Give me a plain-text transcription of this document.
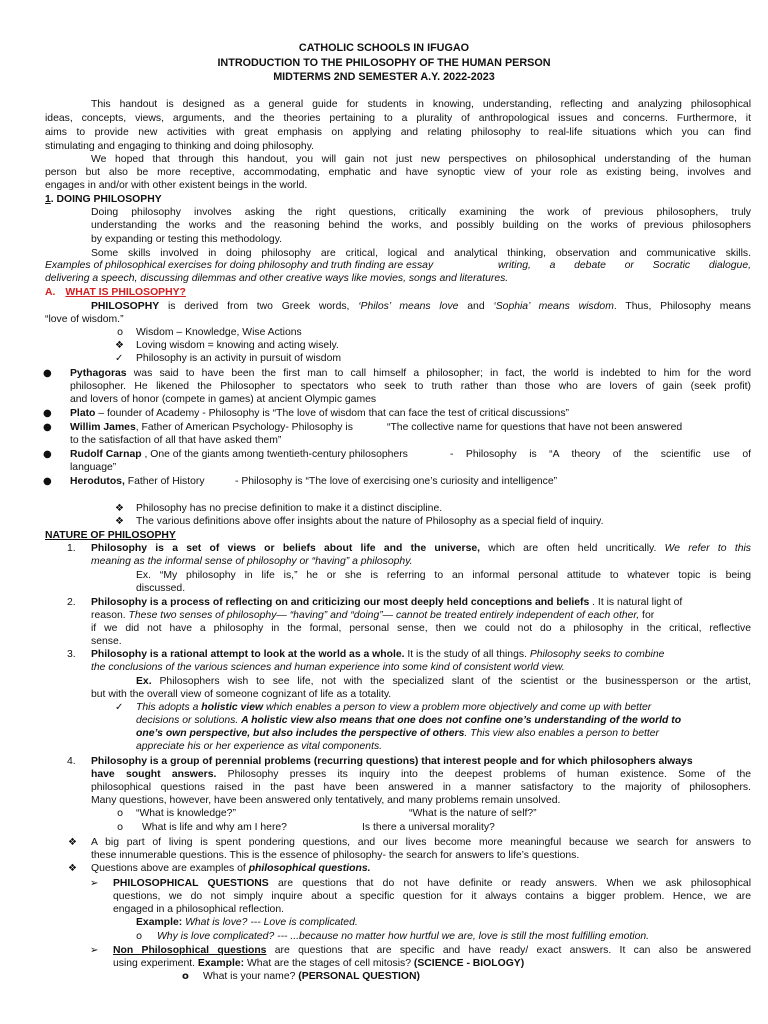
CATHOLIC SCHOOLS IN IFUGAO
INTRODUCTION TO THE PHILOSOPHY OF THE HUMAN PERSON
MIDTERMS 2ND SEMESTER A.Y. 2022-2023
This handout is designed as a general guide for students in knowing, understanding, reflecting and analyzing philosophical
ideas, concepts, views, arguments, and the theories pertaining to a plurality of anthropological issues and concerns. Furthermore, it
aims to provide new activities with great emphasis on applying and relating philosophy to real-life situations which you can find
stimulating and engaging to thinking and doing philosophy.
We hoped that through this handout, you will gain not just new perspectives on philosophical understanding of the human
person but also be more receptive, accommodating, emphatic and have synoptic view of your role as existing being, involves and
engages in and/or with other existent beings in the world.
1. DOING PHILOSOPHY
Doing philosophy involves asking the right questions, critically examining the work of previous philosophers, truly
understanding the works and the reasoning behind the works, and possibly building on the works of previous philosophers
by expanding or testing this methodology.
Some skills involved in doing philosophy are critical, logical and analytical thinking, observation and communicative skills.
Examples of philosophical exercises for doing philosophy and truth finding are essay	writing, a debate or Socratic dialogue,
delivering a speech, discussing dilemmas and other creative ways like movies, songs and literatures.
A. WHAT IS PHILOSOPHY?
PHILOSOPHY is derived from two Greek words, ‘Philos’ means love and ‘Sophia’ means wisdom. Thus, Philosophy means
“love of wisdom.”
o Wisdom – Knowledge, Wise Actions
❖ Loving wisdom = knowing and acting wisely.
✓ Philosophy is an activity in pursuit of wisdom
● Pythagoras was said to have been the first man to call himself a philosopher; in fact, the world is indebted to him for the word
philosopher. He likened the Philosopher to spectators who seek to truth rather than those who are lovers of gain (seek profit)
and lovers of honor (compete in games) at ancient Olympic games
● Plato – founder of Academy - Philosophy is “The love of wisdom that can face the test of critical discussions”
● Willim James, Father of American Psychology- Philosophy is	“The collective name for questions that have not been answered
to the satisfaction of all that have asked them”
● Rudolf Carnap , One of the giants among twentieth-century philosophers	- Philosophy is “A theory of the scientific use of
language”
● Herodutos, Father of History	- Philosophy is “The love of exercising one’s curiosity and intelligence”
❖ Philosophy has no precise definition to make it a distinct discipline.
❖ The various definitions above offer insights about the nature of Philosophy as a special field of inquiry.
NATURE OF PHILOSOPHY
1. Philosophy is a set of views or beliefs about life and the universe, which are often held uncritically. We refer to this
meaning as the informal sense of philosophy or “having” a philosophy.
Ex. “My philosophy in life is,” he or she is referring to an informal personal attitude to whatever topic is being
discussed.
2. Philosophy is a process of reflecting on and criticizing our most deeply held conceptions and beliefs . It is natural light of
reason. These two senses of philosophy— “having” and “doing”— cannot be treated entirely independent of each other, for
if we did not have a philosophy in the formal, personal sense, then we could not do a philosophy in the critical, reflective
sense.
3. Philosophy is a rational attempt to look at the world as a whole. It is the study of all things. Philosophy seeks to combine
the conclusions of the various sciences and human experience into some kind of consistent world view.
Ex. Philosophers wish to see life, not with the specialized slant of the scientist or the businessperson or the artist,
but with the overall view of someone cognizant of life as a totality.
✓ This adopts a holistic view which enables a person to view a problem more objectively and come up with better
decisions or solutions. A holistic view also means that one does not confine one’s understanding of the world to
one’s own perspective, but also includes the perspective of others. This view also enables a person to better
appreciate his or her experience as vital components.
4. Philosophy is a group of perennial problems (recurring questions) that interest people and for which philosophers always
have sought answers. Philosophy presses its inquiry into the deepest problems of human existence. Some of the
philosophical questions raised in the past have been answered in a manner satisfactory to the majority of philosophers.
Many questions, however, have been answered only tentatively, and many problems remain unsolved.
o “What is knowledge?”	“What is the nature of self?”
o What is life and why am I here?	Is there a universal morality?
❖ A big part of living is spent pondering questions, and our lives become more meaningful because we search for answers to
these innumerable questions. This is the essence of philosophy- the search for answers to life’s questions.
❖ Questions above are examples of philosophical questions.
➢ PHILOSOPHICAL QUESTIONS are questions that do not have definite or ready answers. When we ask philosophical
questions, we do not simply inquire about a specific question for it always contains a bigger problem. Hence, we are
engaged in a philosophical reflection.
Example: What is love? --- Love is complicated.
o Why is love complicated? --- ...because no matter how hurtful we are, love is still the most fulfilling emotion.
➢ Non Philosophical questions are questions that are specific and have ready/ exact answers. It can also be answered
using experiment. Example: What are the stages of cell mitosis? (SCIENCE - BIOLOGY)
o What is your name? (PERSONAL QUESTION)
